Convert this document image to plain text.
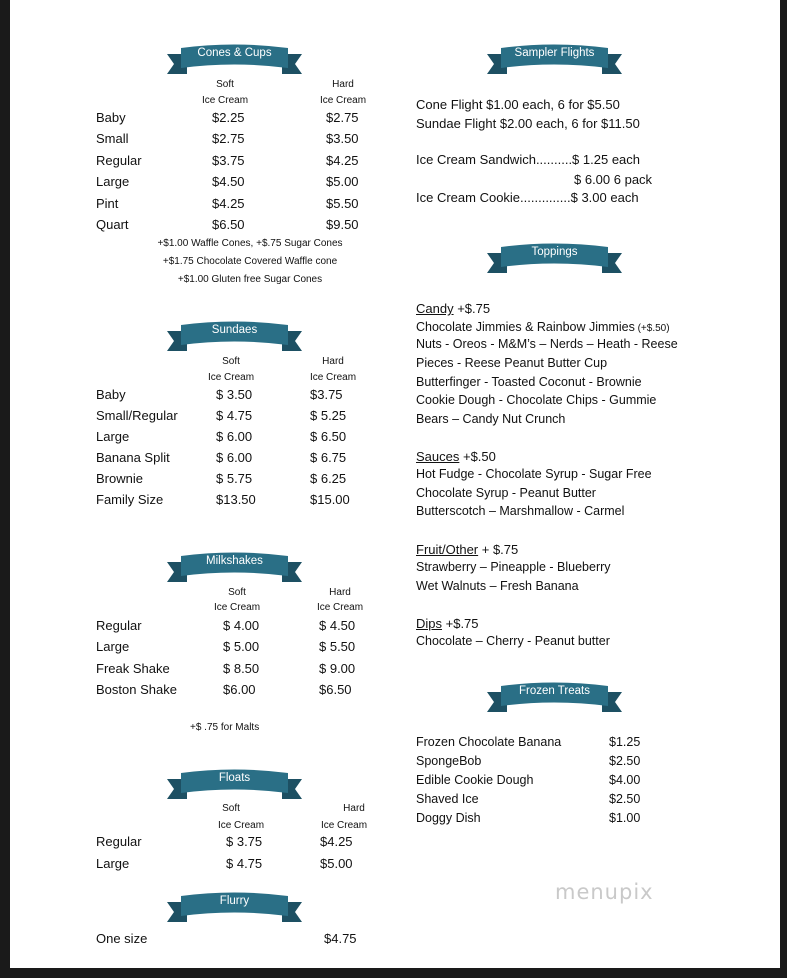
Cones & Cups
Soft
Ice Cream
Hard
Ice Cream
+$1.00 Waffle Cones, +$.75 Sugar Cones
+$1.75 Chocolate Covered Waffle cone
+$1.00 Gluten free Sugar Cones
Sundaes
Soft
Ice Cream
Hard
Ice Cream
Milkshakes
Soft
Ice Cream
Hard
Ice Cream
+$ .75 for Malts
Floats
Soft
Ice Cream
Hard
Ice Cream
Flurry
One size	$4.75
Sampler Flights
Cone Flight $1.00 each, 6 for $5.50
Sundae Flight $2.00 each, 6 for $11.50
Ice Cream Sandwich..........$ 1.25 each
$ 6.00 6 pack
Ice Cream Cookie..............$ 3.00 each
Toppings
Candy +$.75
Chocolate Jimmies & Rainbow Jimmies (+$.50)
Sauces +$.50
Fruit/Other + $.75
Dips +$.75
Frozen Treats
menupix
Baby	$2.25	$2.75
Small	$2.75	$3.50
Regular	$3.75	$4.25
Large	$4.50	$5.00
Pint	$4.25	$5.50
Quart	$6.50	$9.50
Baby	$ 3.50	$3.75
Small/Regular	$ 4.75	$ 5.25
Large	$ 6.00	$ 6.50
Banana Split	$ 6.00	$ 6.75
Brownie	$ 5.75	$ 6.25
Family Size	$13.50	$15.00
Regular	$ 4.00	$ 4.50
Large	$ 5.00	$ 5.50
Freak Shake	$ 8.50	$ 9.00
Boston Shake	$6.00	$6.50
Regular	$ 3.75	$4.25
Large	$ 4.75	$5.00
Nuts - Oreos - M&M’s – Nerds – Heath - Reese
Pieces - Reese Peanut Butter Cup
Butterfinger - Toasted Coconut - Brownie
Cookie Dough - Chocolate Chips - Gummie
Bears – Candy Nut Crunch
Hot Fudge - Chocolate Syrup - Sugar Free
Chocolate Syrup - Peanut Butter
Butterscotch – Marshmallow - Carmel
Strawberry – Pineapple - Blueberry
Wet Walnuts – Fresh Banana
Chocolate – Cherry - Peanut butter
Frozen Chocolate Banana	$1.25
SpongeBob	$2.50
Edible Cookie Dough	$4.00
Shaved Ice	$2.50
Doggy Dish	$1.00
